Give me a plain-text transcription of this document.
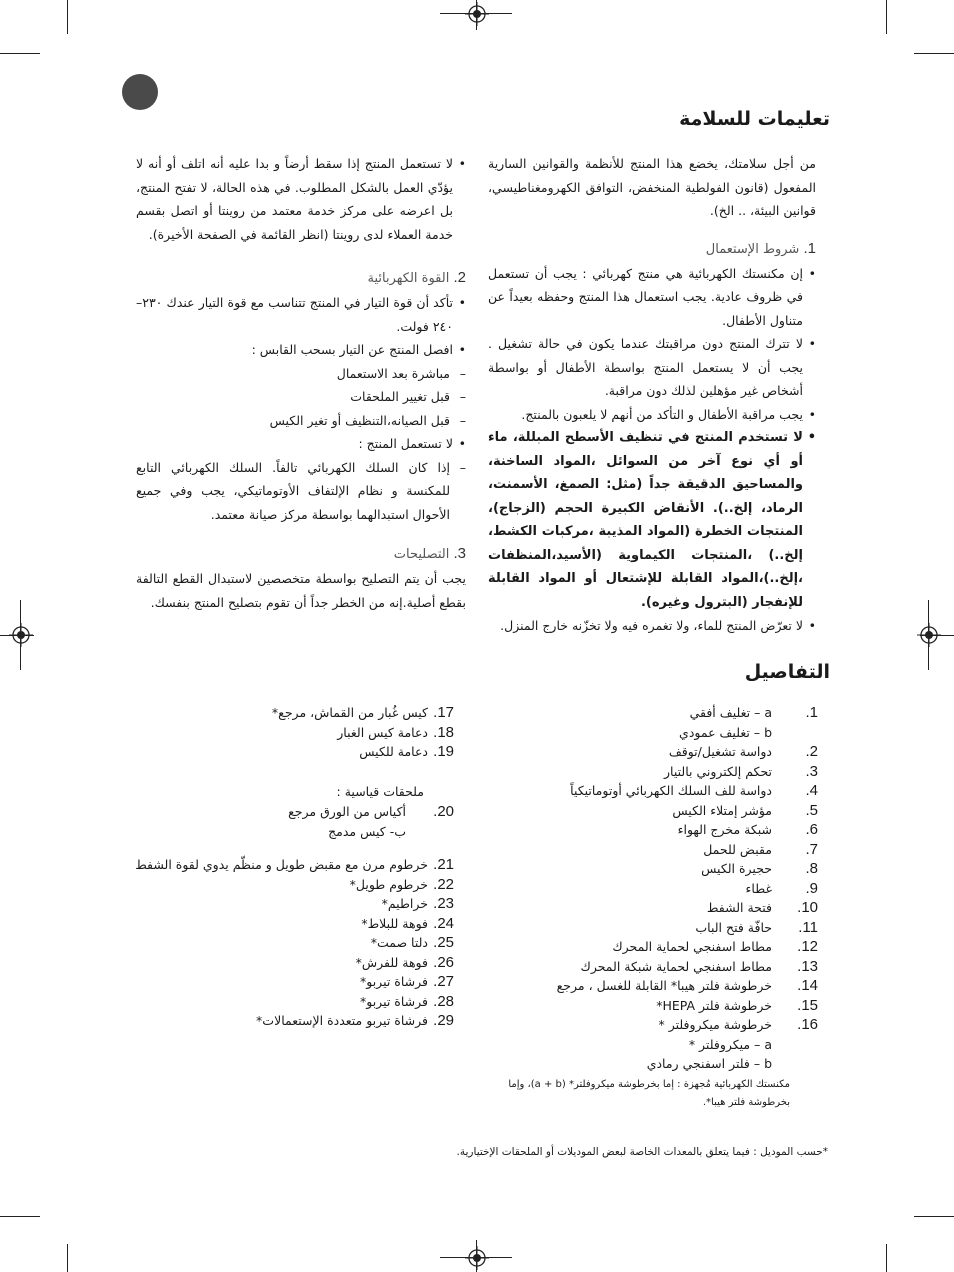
تعليمات للسلامة

من أجل سلامتك، يخضع هذا المنتج للأنظمة والقوانين السارية المفعول (قانون الفولطية المنخفض، التوافق الكهرومغناطيسي، قوانين البيئة، .. الخ).

1. شروط الإستعمال

• إن مكنستك الكهربائية هي منتج كهربائي : يجب أن تستعمل في ظروف عادية. يجب استعمال هذا المنتج وحفظه بعيداً عن متناول الأطفال.
• لا تترك المنتج دون مراقبتك عندما يكون في حالة تشغيل . يجب أن لا يستعمل المنتج بواسطة الأطفال أو بواسطة أشخاص غير مؤهلين لذلك دون مراقبة.
• يجب مراقبة الأطفال و التأكد من أنهم لا يلعبون بالمنتج.
• لا تستخدم المنتج في تنظيف الأسطح المبللة، ماء أو أي نوع آخر من السوائل ،المواد الساخنة، والمساحيق الدقيقة جداً (مثل: الصمغ، الأسمنت، الرماد، إلخ..). الأنقاض الكبيرة الحجم (الزجاج)، المنتجات الخطرة (المواد المذيبة ،مركبات الكشط، إلخ..) ،المنتجات الكيماوية (الأسيد،المنظفات ،إلخ..)،المواد القابلة للإشتعال أو المواد القابلة للإنفجار (البترول وغيره).
• لا تعرّض المنتج للماء، ولا تغمره فيه ولا تخزّنه خارج المنزل.
• لا تستعمل المنتج إذا سقط أرضاً و بدا عليه أنه اتلف أو أنه لا يؤدّي العمل بالشكل المطلوب. في هذه الحالة، لا تفتح المنتج، بل اعرضه على مركز خدمة معتمد من روينتا أو اتصل بقسم خدمة العملاء لدى روينتا (انظر القائمة في الصفحة الأخيرة).

2. القوة الكهربائية

• تأكد أن قوة التيار في المنتج تتناسب مع قوة التيار عندك ٢٣٠– ٢٤٠ فولت.
• افصل المنتج عن التيار بسحب القابس :
– مباشرة بعد الاستعمال
– قبل تغيير الملحقات
– قبل الصيانه،التنظيف أو تغير الكيس
• لا تستعمل المنتج :
– إذا كان السلك الكهربائي تالفاً. السلك الكهربائي التابع للمكنسة و نظام الإلتفاف الأوتوماتيكي، يجب وفي جميع الأحوال استبدالهما بواسطة مركز صيانة معتمد.

3. التصليحات

يجب أن يتم التصليح بواسطة متخصصين لاستبدال القطع التالفة بقطع أصلية.إنه من الخطر جداً أن تقوم بتصليح المنتج بنفسك.

التفاصيل
1.
a – تغليف أفقي
b – تغليف عمودي
2.
دواسة تشغيل/توقف
3.
تحكم إلكتروني بالتيار
4.
دواسة للف السلك الكهربائي أوتوماتيكياً
5.
مؤشر إمتلاء الكيس
6.
شبكة مخرج الهواء
7.
مقبض للحمل
8.
حجيرة الكيس
9.
غطاء
10.
فتحة الشفط
11.
حافّة فتح الباب
12.
مطاط اسفنجي لحماية المحرك
13.
مطاط اسفنجي لحماية شبكة المحرك
14.
خرطوشة فلتر هيبا* القابلة للغسل ، مرجع
15.
خرطوشة فلتر HEPA*
16.
خرطوشة ميكروفلتر *
a – ميكروفلتر *
b – فلتر اسفنجي رمادي
مكنستك الكهربائية مُجهزة : إما بخرطوشة ميكروفلتر* (a + b)، وإما بخرطوشة فلتر هيبا*.
17.
كيس غُبار من القماش، مرجع*
18.
دعامة كيس الغبار
19.
دعامة للكيس
ملحقات قياسية :
20.
أكياس من الورق مرجع
ب- كيس مدمج
21.
خرطوم مرن مع مقبض طويل و منظّم يدوي لقوة الشفط
22.
خرطوم طويل*
23.
خراطيم*
24.
فوهة للبلاط*
25.
دلتا صمت*
26.
فوهة للفرش*
27.
فرشاة تيربو*
28.
فرشاة تيربو*
29.
فرشاة تيربو متعددة الإستعمالات*
*حسب الموديل : فيما يتعلق بالمعدات الخاصة لبعض الموديلات أو الملحقات الإختيارية.
